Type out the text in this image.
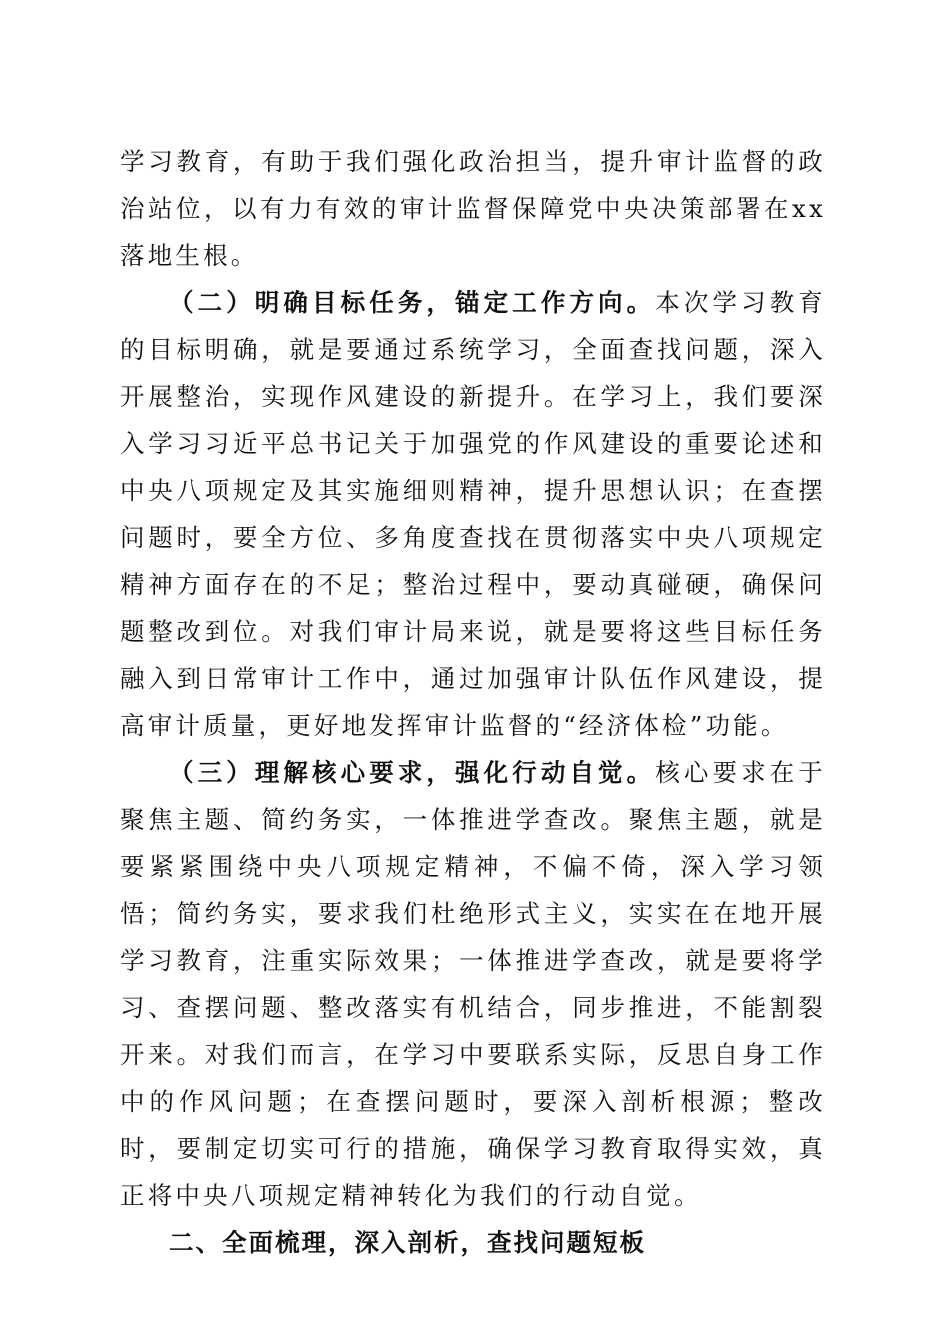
学习教育，有助于我们强化政治担当，提升审计监督的政治站位，以有力有效的审计监督保障党中央决策部署在xx落地生根。

（二）明确目标任务，锚定工作方向。本次学习教育的目标明确，就是要通过系统学习，全面查找问题，深入开展整治，实现作风建设的新提升。在学习上，我们要深入学习习近平总书记关于加强党的作风建设的重要论述和中央八项规定及其实施细则精神，提升思想认识；在查摆问题时，要全方位、多角度查找在贯彻落实中央八项规定精神方面存在的不足；整治过程中，要动真碰硬，确保问题整改到位。对我们审计局来说，就是要将这些目标任务融入到日常审计工作中，通过加强审计队伍作风建设，提高审计质量，更好地发挥审计监督的“经济体检”功能。

（三）理解核心要求，强化行动自觉。核心要求在于聚焦主题、简约务实，一体推进学查改。聚焦主题，就是要紧紧围绕中央八项规定精神，不偏不倚，深入学习领悟；简约务实，要求我们杜绝形式主义，实实在在地开展学习教育，注重实际效果；一体推进学查改，就是要将学习、查摆问题、整改落实有机结合，同步推进，不能割裂开来。对我们而言，在学习中要联系实际，反思自身工作中的作风问题；在查摆问题时，要深入剖析根源；整改时，要制定切实可行的措施，确保学习教育取得实效，真正将中央八项规定精神转化为我们的行动自觉。

二、全面梳理，深入剖析，查找问题短板
